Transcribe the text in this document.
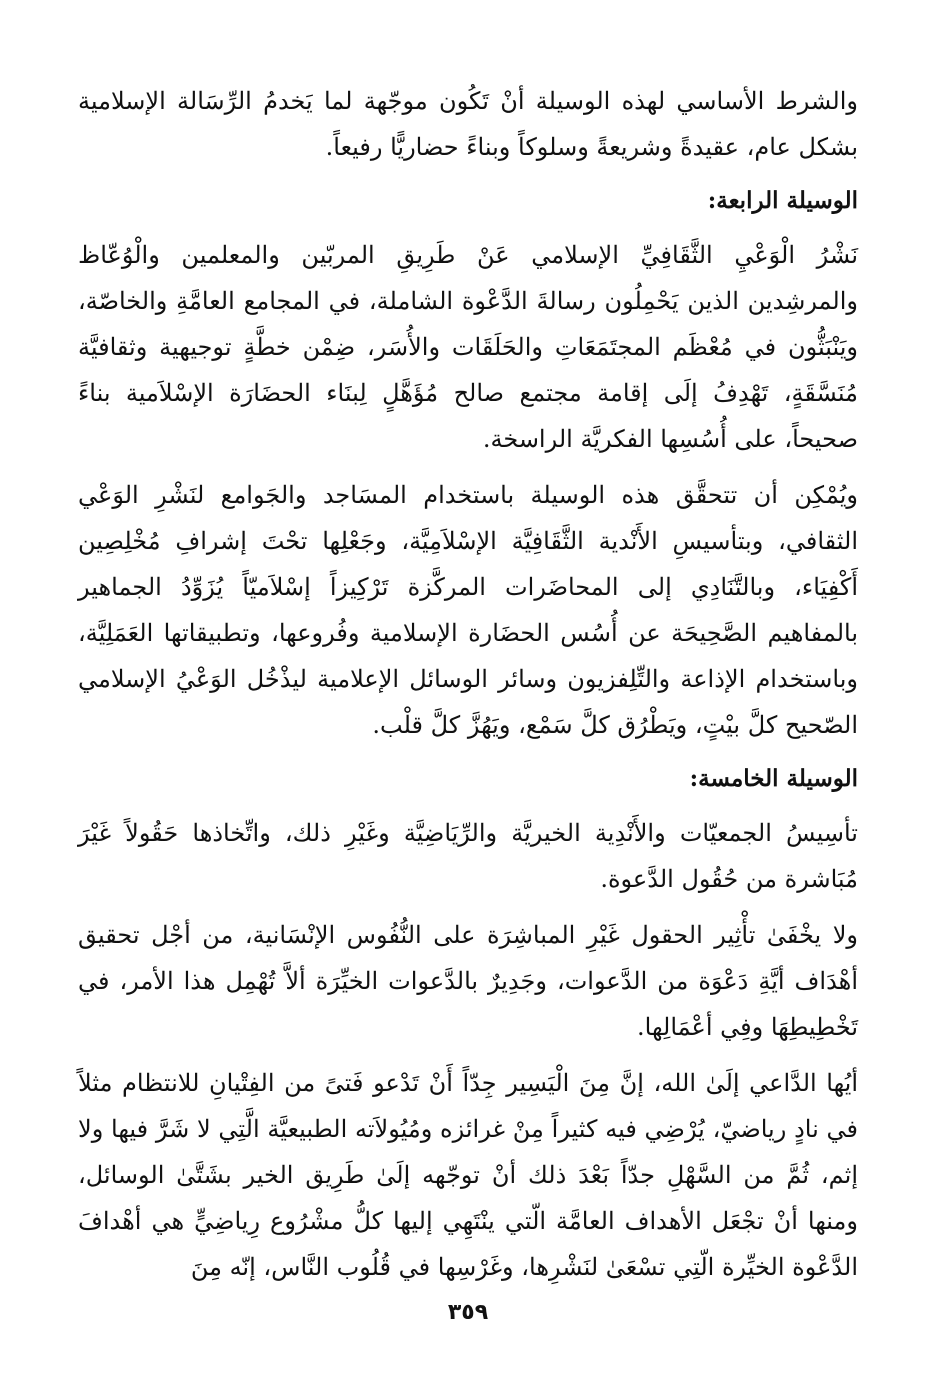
والشرط الأساسي لهذه الوسيلة أنْ تَكُون موجّهة لما يَخدمُ الرِّسَالة الإسلامية بشكل عام، عقيدةً وشريعةً وسلوكاً وبناءً حضاريًّا رفيعاً.

الوسيلة الرابعة:

نَشْرُ الْوَعْيِ الثَّقَافِيِّ الإسلامي عَنْ طَرِيقِ المربّين والمعلمين والْوُعّاظ والمرشِدين الذين يَحْمِلُون رسالةَ الدَّعْوة الشاملة، في المجامع العامَّةِ والخاصّة، ويَنْبَثُّون في مُعْظَم المجتَمَعَاتِ والحَلَقَات والأُسَر، ضِمْن خطَّةٍ توجيهية وثقافيَّة مُنَسَّقَةٍ، تَهْدِفُ إلَى إقامة مجتمع صالح مُؤَهَّلٍ لِبنَاء الحضَارَة الإسْلاَمية بناءً صحيحاً، على أُسُسِها الفكريَّة الراسخة.

ويُمْكِن أن تتحقَّق هذه الوسيلة باستخدام المسَاجد والجَوامع لنَشْرِ الوَعْي الثقافي، وبتأسيسِ الأَنْدية الثَّقَافِيَّة الإسْلاَمِيَّة، وجَعْلِها تحْتَ إشرافِ مُخْلِصِين أَكْفِيَاء، وبالتَّنَادِي إلى المحاضَرات المركَّزة تَرْكِيزاً إسْلاَميّاً يُزَوِّدُ الجماهير بالمفاهيم الصَّحِيحَة عن أُسُس الحضَارة الإسلامية وفُروعها، وتطبيقاتها العَمَلِيَّة، وباستخدام الإذاعة والتِّلِفزيون وسائر الوسائل الإعلامية ليذْخُل الوَعْيُ الإسلامي الصّحيح كلَّ بيْتٍ، ويَطْرُق كلَّ سَمْع، ويَهُزَّ كلَّ قلْب.

الوسيلة الخامسة:

تأسِيسُ الجمعيّات والأَنْدِية الخيريَّة والرِّيَاضِيَّة وغَيْرِ ذلك، واتِّخاذها حَقُولاً غَيْرَ مُبَاشرة من حُقُول الدَّعوة.

ولا يخْفَىٰ تأْثِير الحقول غَيْرِ المباشِرَة على النُّفُوس الإنْسَانية، من أجْل تحقيق أهْدَاف أيَّةِ دَعْوَة من الدَّعوات، وجَدِيرٌ بالدَّعوات الخيِّرَة ألاَّ تُهْمِل هذا الأمر، في تَخْطِيطِهَا وفِي أعْمَالِها.

أيُها الدَّاعي إلَىٰ الله، إنَّ مِنَ الْيَسِير جِدّاً أَنْ تَدْعو فَتىً من الفِتْيانِ للانتظام مثلاً في نادٍ رياضيّ، يُرْضِي فيه كثيراً مِنْ غرائزه ومُيُولاَته الطبيعيَّة الَّتِي لا شَرَّ فيها ولا إثم، ثُمَّ من السَّهْلِ جدّاً بَعْدَ ذلك أنْ توجّهه إلَىٰ طَرِيق الخير بشَتَّىٰ الوسائل، ومنها أنْ تجْعَل الأهداف العامَّة الّتي ينْتَهِي إليها كلُّ مشْرُوع رِياضِيٍّ هي أهْدافَ الدَّعْوة الخيِّرة الّتِي تسْعَىٰ لنَشْرِها، وغَرْسِها في قُلُوب النَّاس، إنّه مِنَ

٣٥٩
